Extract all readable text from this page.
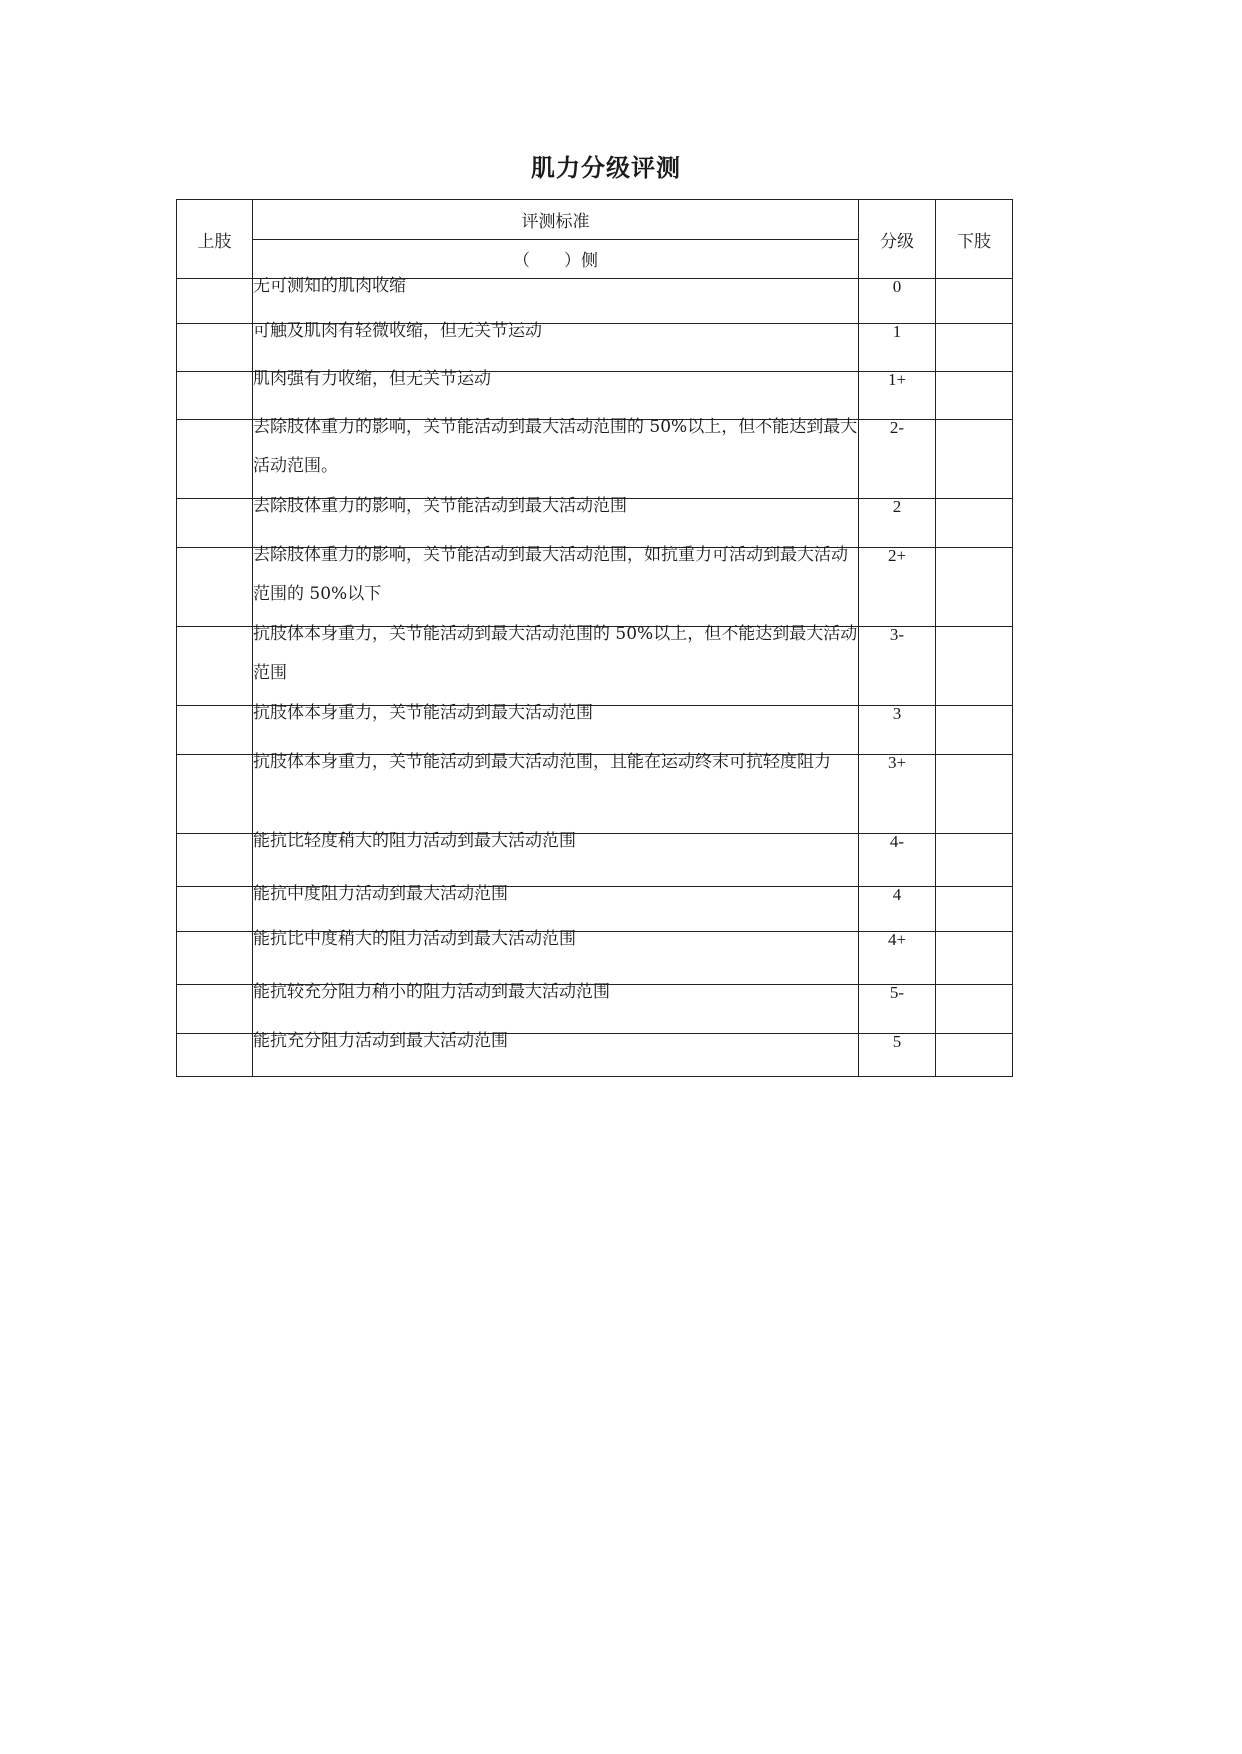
肌力分级评测
上肢	评测标准	分级	下肢
	（　　）侧		

	无可测知的肌肉收缩	0	

	可触及肌肉有轻微收缩，但无关节运动	1	

	肌肉强有力收缩，但无关节运动	1+	

	去除肢体重力的影响，关节能活动到最大活动范围的 50%以上，但不能达到最大活动范围。	2-	

	去除肢体重力的影响，关节能活动到最大活动范围	2	

	去除肢体重力的影响，关节能活动到最大活动范围，如抗重力可活动到最大活动范围的 50%以下	2+	

	抗肢体本身重力，关节能活动到最大活动范围的 50%以上，但不能达到最大活动范围	3-	

	抗肢体本身重力，关节能活动到最大活动范围	3	

	抗肢体本身重力，关节能活动到最大活动范围，且能在运动终末可抗轻度阻力	3+	

	能抗比轻度稍大的阻力活动到最大活动范围	4-	

	能抗中度阻力活动到最大活动范围	4	

	能抗比中度稍大的阻力活动到最大活动范围	4+	

	能抗较充分阻力稍小的阻力活动到最大活动范围	5-	

	能抗充分阻力活动到最大活动范围	5	
